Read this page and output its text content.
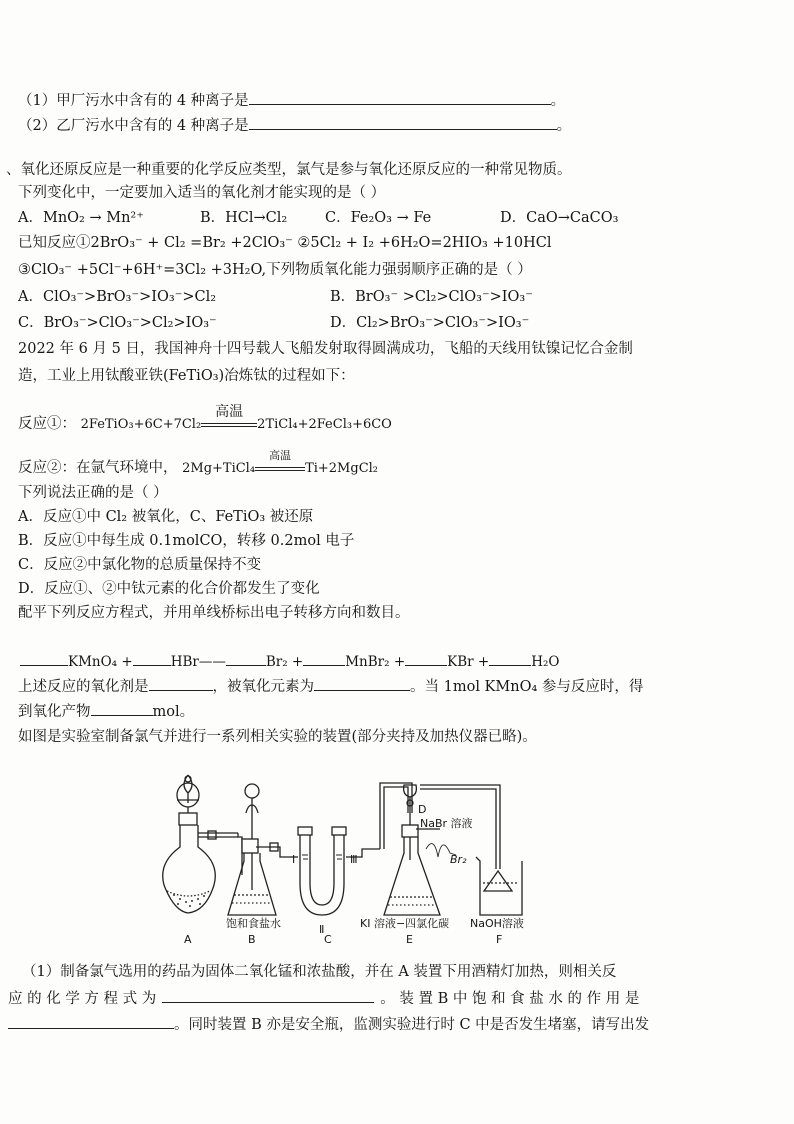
（1）甲厂污水中含有的 4 种离子是	。
（2）乙厂污水中含有的 4 种离子是	。
、氧化还原反应是一种重要的化学反应类型，氯气是参与氧化还原反应的一种常见物质。
下列变化中，一定要加入适当的氧化剂才能实现的是（ ）
A．MnO₂ → Mn²⁺	B．HCl→Cl₂	C．Fe₂O₃ → Fe	D．CaO→CaCO₃
已知反应①2BrO₃⁻ + Cl₂ =Br₂ +2ClO₃⁻ ②5Cl₂ + I₂ +6H₂O=2HIO₃ +10HCl
③ClO₃⁻ +5Cl⁻+6H⁺=3Cl₂ +3H₂O,下列物质氧化能力强弱顺序正确的是（ ）
A．ClO₃⁻>BrO₃⁻>IO₃⁻>Cl₂	B．BrO₃⁻ >Cl₂>ClO₃⁻>IO₃⁻
C．BrO₃⁻>ClO₃⁻>Cl₂>IO₃⁻	D．Cl₂>BrO₃⁻>ClO₃⁻>IO₃⁻
2022 年 6 月 5 日，我国神舟十四号载人飞船发射取得圆满成功，飞船的天线用钛镍记忆合金制
造，工业上用钛酸亚铁(FeTiO₃)冶炼钛的过程如下：
反应①： 2FeTiO₃+6C+7Cl₂
高温
2TiCl₄+2FeCl₃+6CO
反应②：在氩气环境中， 2Mg+TiCl₄
高温
Ti+2MgCl₂
下列说法正确的是（ ）
A．反应①中 Cl₂ 被氧化，C、FeTiO₃ 被还原
B．反应①中每生成 0.1molCO，转移 0.2mol 电子
C．反应②中氯化物的总质量保持不变
D．反应①、②中钛元素的化合价都发生了变化
配平下列反应方程式，并用单线桥标出电子转移方向和数目。
KMnO₄ +	HBr——	Br₂ +	MnBr₂ +	KBr +	H₂O
上述反应的氧化剂是	，被氧化元素为	。当 1mol KMnO₄ 参与反应时，得
到氧化产物	mol。
如图是实验室制备氯气并进行一系列相关实验的装置(部分夹持及加热仪器已略)。
D
NaBr 溶液
Ⅰ	Ⅲ
Ⅱ
Br₂
饱和食盐水	KI 溶液−四氯化碳 NaOH溶液
A	B	C	E	F
（1）制备氯气选用的药品为固体二氧化锰和浓盐酸，并在 A 装置下用酒精灯加热，则相关反
应 的 化 学 方 程 式 为	。 装 置 B 中 饱 和 食 盐 水 的 作 用 是
。同时装置 B 亦是安全瓶，监测实验进行时 C 中是否发生堵塞，请写出发
